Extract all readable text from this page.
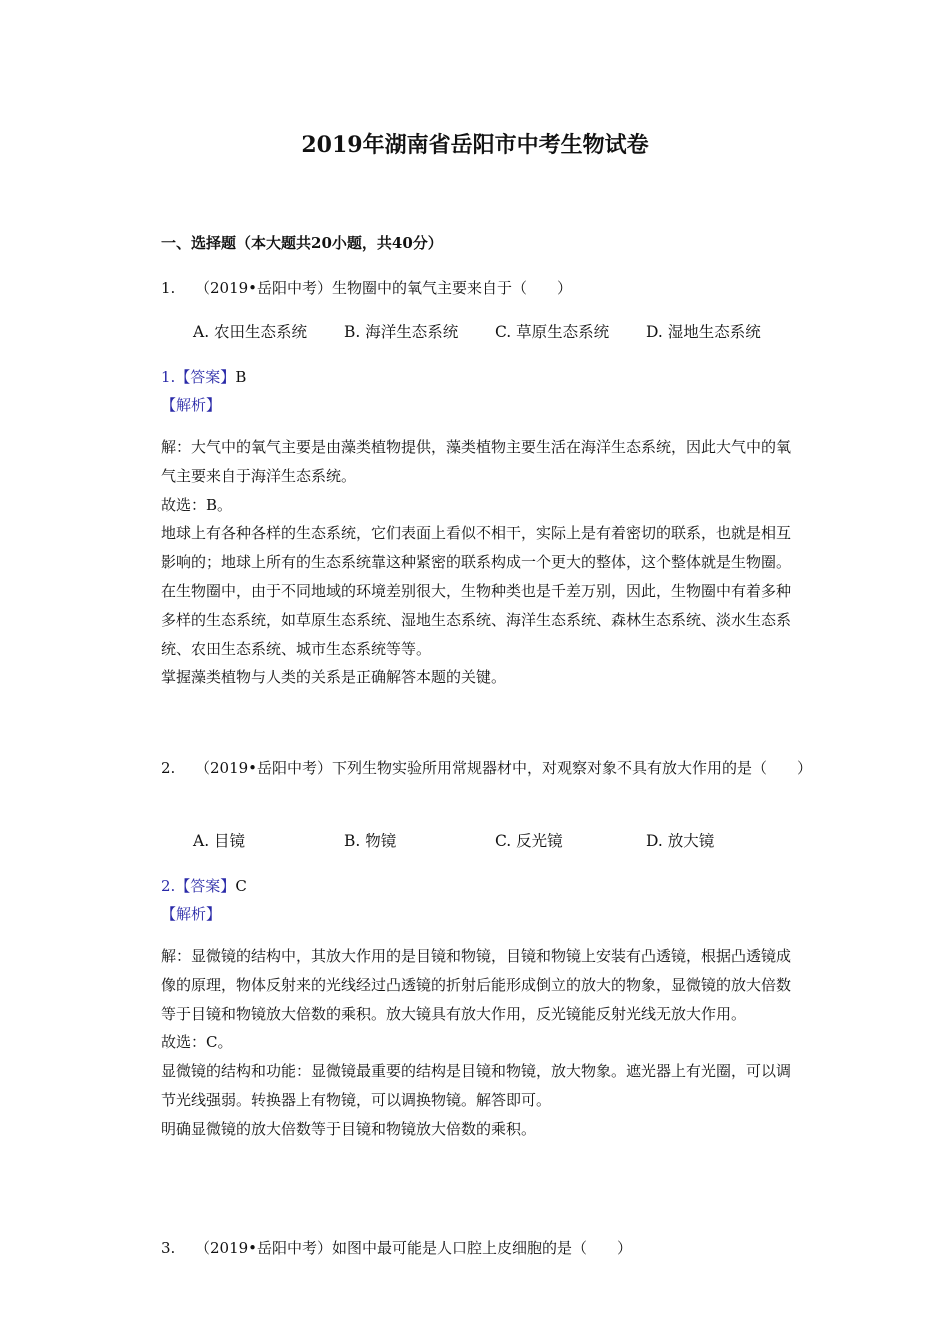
2019年湖南省岳阳市中考生物试卷
一、选择题（本大题共20小题，共40分）
1. （2019•岳阳中考）生物圈中的氧气主要来自于（　　）
A. 农田生态系统	B. 海洋生态系统	C. 草原生态系统	D. 湿地生态系统
1.【答案】B
【解析】

解：大气中的氧气主要是由藻类植物提供，藻类植物主要生活在海洋生态系统，因此大气中的氧气主要来自于海洋生态系统。

故选：B。

地球上有各种各样的生态系统，它们表面上看似不相干，实际上是有着密切的联系，也就是相互影响的；地球上所有的生态系统靠这种紧密的联系构成一个更大的整体，这个整体就是生物圈。在生物圈中，由于不同地域的环境差别很大，生物种类也是千差万别，因此，生物圈中有着多种多样的生态系统，如草原生态系统、湿地生态系统、海洋生态系统、森林生态系统、淡水生态系统、农田生态系统、城市生态系统等等。

掌握藻类植物与人类的关系是正确解答本题的关键。

2. （2019•岳阳中考）下列生物实验所用常规器材中，对观察对象不具有放大作用的是（　　）
A. 目镜	B. 物镜	C. 反光镜	D. 放大镜
2.【答案】C
【解析】

解：显微镜的结构中，其放大作用的是目镜和物镜，目镜和物镜上安装有凸透镜，根据凸透镜成像的原理，物体反射来的光线经过凸透镜的折射后能形成倒立的放大的物象，显微镜的放大倍数等于目镜和物镜放大倍数的乘积。放大镜具有放大作用，反光镜能反射光线无放大作用。

故选：C。

显微镜的结构和功能：显微镜最重要的结构是目镜和物镜，放大物象。遮光器上有光圈，可以调节光线强弱。转换器上有物镜，可以调换物镜。解答即可。

明确显微镜的放大倍数等于目镜和物镜放大倍数的乘积。

3. （2019•岳阳中考）如图中最可能是人口腔上皮细胞的是（　　）
